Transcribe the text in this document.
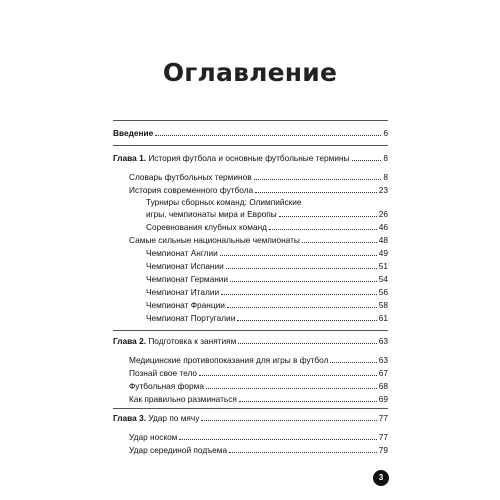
Оглавление
Введение	6
Глава 1. История футбола и основные футбольные термины	8
Словарь футбольных терминов	8
История современного футбола	23
Турниры сборных команд: Олимпийские
игры, чемпионаты мира и Европы	26
Соревнования клубных команд	46
Самые сильные национальные чемпионаты	48
Чемпионат Англии	49
Чемпионат Испании	51
Чемпионат Германии	54
Чемпионат Италии	56
Чемпионат Франции	58
Чемпионат Португалии	61
Глава 2. Подготовка к занятиям	63
Медицинские противопоказания для игры в футбол	63
Познай свое тело	67
Футбольная форма	68
Как правильно разминаться	69
Глава 3. Удар по мячу	77
Удар носком	77
Удар серединой подъема	79
3
